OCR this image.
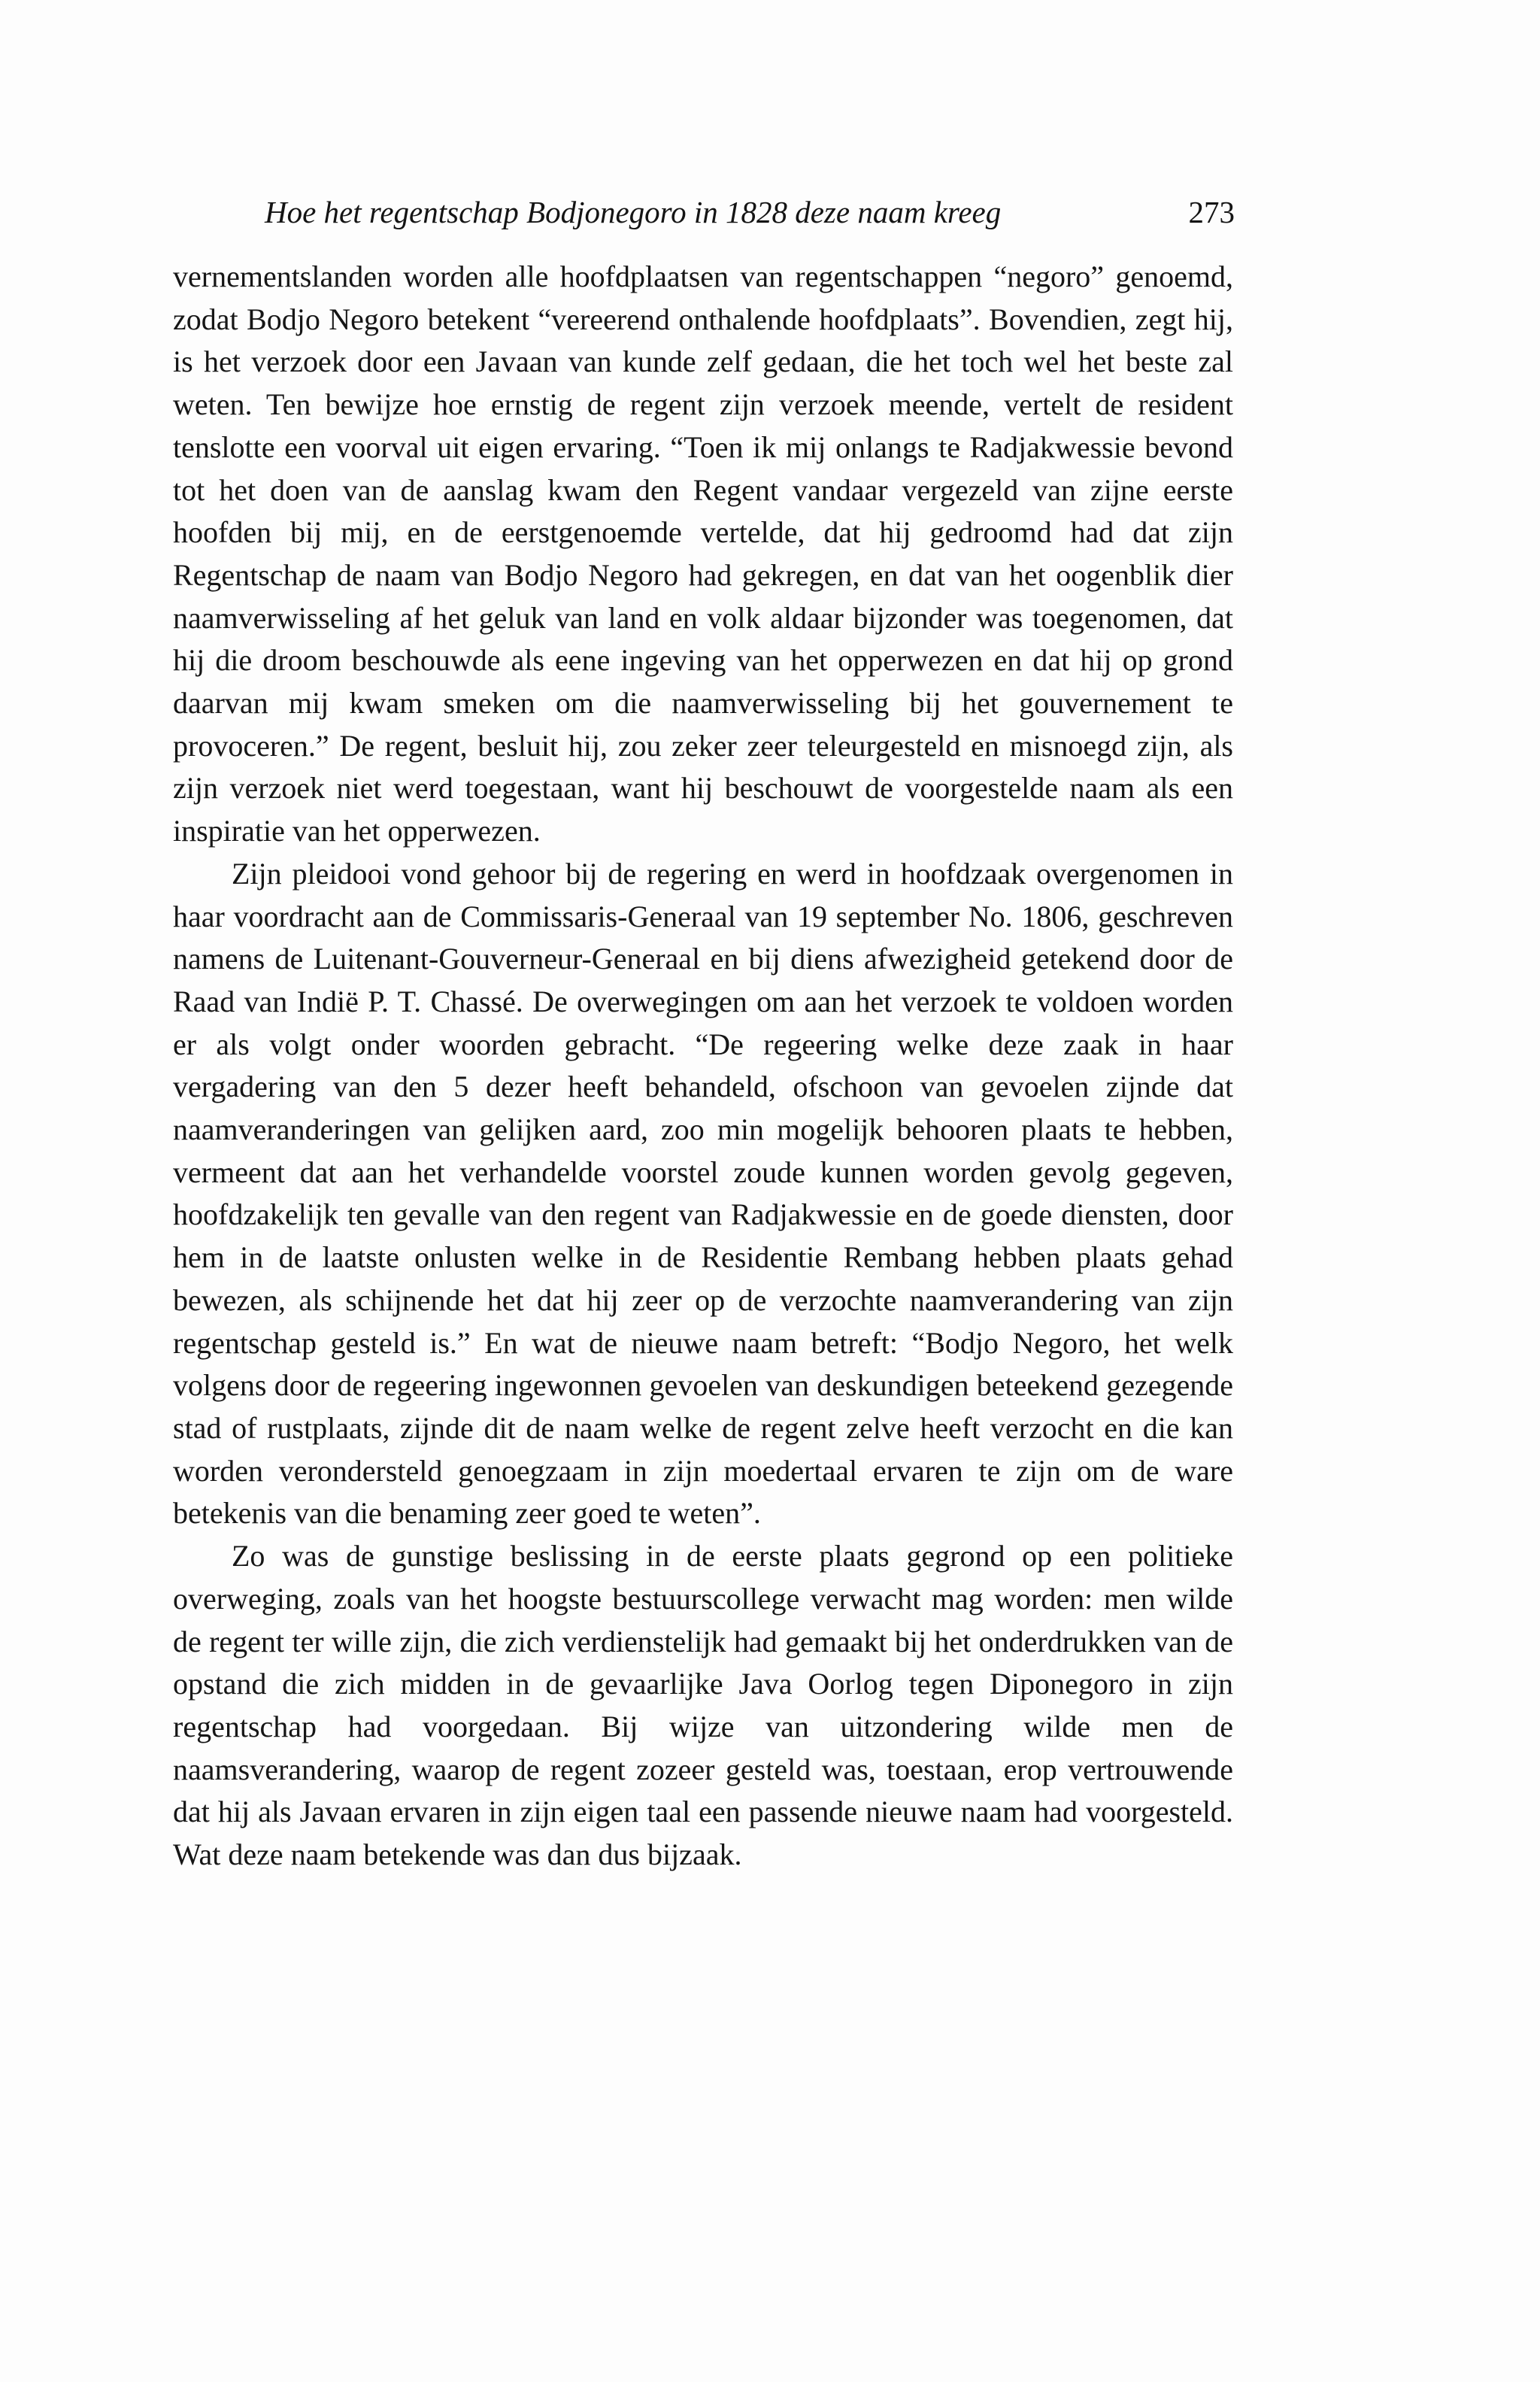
Hoe het regentschap Bodjonegoro in 1828 deze naam kreeg	273

vernementslanden worden alle hoofdplaatsen van regentschappen “negoro” genoemd, zodat Bodjo Negoro betekent “vereerend onthalende hoofdplaats”. Bovendien, zegt hij, is het verzoek door een Javaan van kunde zelf gedaan, die het toch wel het beste zal weten. Ten bewijze hoe ernstig de regent zijn verzoek meende, vertelt de resident tenslotte een voorval uit eigen ervaring. “Toen ik mij onlangs te Radjakwessie bevond tot het doen van de aanslag kwam den Regent vandaar vergezeld van zijne eerste hoofden bij mij, en de eerstgenoemde vertelde, dat hij gedroomd had dat zijn Regentschap de naam van Bodjo Negoro had gekregen, en dat van het oogenblik dier naamverwisseling af het geluk van land en volk aldaar bijzonder was toegenomen, dat hij die droom beschouwde als eene ingeving van het opperwezen en dat hij op grond daarvan mij kwam smeken om die naamverwisseling bij het gouvernement te provoceren.” De regent, besluit hij, zou zeker zeer teleurgesteld en misnoegd zijn, als zijn verzoek niet werd toegestaan, want hij beschouwt de voorgestelde naam als een inspiratie van het opperwezen.

Zijn pleidooi vond gehoor bij de regering en werd in hoofdzaak overgenomen in haar voordracht aan de Commissaris-Generaal van 19 september No. 1806, geschreven namens de Luitenant-Gouverneur-Generaal en bij diens afwezigheid getekend door de Raad van Indië P. T. Chassé. De overwegingen om aan het verzoek te voldoen worden er als volgt onder woorden gebracht. “De regeering welke deze zaak in haar vergadering van den 5 dezer heeft behandeld, ofschoon van gevoelen zijnde dat naamveranderingen van gelijken aard, zoo min mogelijk behooren plaats te hebben, vermeent dat aan het verhandelde voorstel zoude kunnen worden gevolg gegeven, hoofdzakelijk ten gevalle van den regent van Radjakwessie en de goede diensten, door hem in de laatste onlusten welke in de Residentie Rembang hebben plaats gehad bewezen, als schijnende het dat hij zeer op de verzochte naamverandering van zijn regentschap gesteld is.” En wat de nieuwe naam betreft: “Bodjo Negoro, het welk volgens door de regeering ingewonnen gevoelen van deskundigen beteekend gezegende stad of rustplaats, zijnde dit de naam welke de regent zelve heeft verzocht en die kan worden verondersteld genoegzaam in zijn moedertaal ervaren te zijn om de ware betekenis van die benaming zeer goed te weten”.

Zo was de gunstige beslissing in de eerste plaats gegrond op een politieke overweging, zoals van het hoogste bestuurscollege verwacht mag worden: men wilde de regent ter wille zijn, die zich verdienstelijk had gemaakt bij het onderdrukken van de opstand die zich midden in de gevaarlijke Java Oorlog tegen Diponegoro in zijn regentschap had voorgedaan. Bij wijze van uitzondering wilde men de naamsverandering, waarop de regent zozeer gesteld was, toestaan, erop vertrouwende dat hij als Javaan ervaren in zijn eigen taal een passende nieuwe naam had voorgesteld. Wat deze naam betekende was dan dus bijzaak.
